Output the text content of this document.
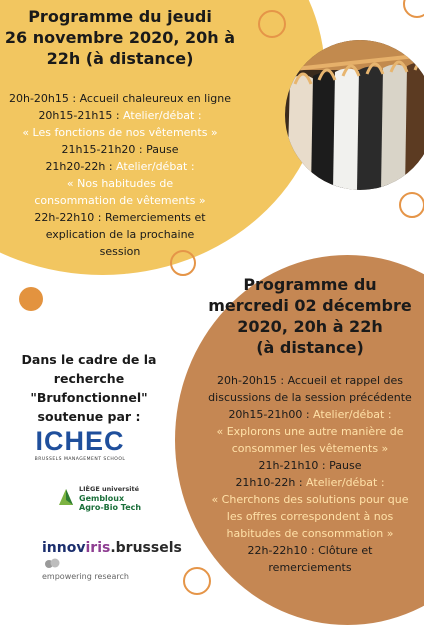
Programme du jeudi
26 novembre 2020, 20h à
22h (à distance)
20h-20h15 : Accueil chaleureux en ligne
20h15-21h15 : Atelier/débat :
« Les fonctions de nos vêtements »
21h15-21h20 : Pause
21h20-22h : Atelier/débat :
« Nos habitudes de
consommation de vêtements »
22h-22h10 : Remerciements et
explication de la prochaine
session
Programme du
mercredi 02 décembre
2020, 20h à 22h
(à distance)
20h-20h15 : Accueil et rappel des
discussions de la session précédente
20h15-21h00 : Atelier/débat :
« Explorons une autre manière de
consommer les vêtements »
21h-21h10 : Pause
21h10-22h : Atelier/débat :
« Cherchons des solutions pour que
les offres correspondent à nos
habitudes de consommation »
22h-22h10 : Clôture et
remerciements
Dans le cadre de la
recherche "Brufonctionnel"
soutenue par :
ICHEC
BRUSSELS MANAGEMENT SCHOOL
LIÈGE université
Gembloux
Agro-Bio Tech
innoviris.brussels
empowering research
